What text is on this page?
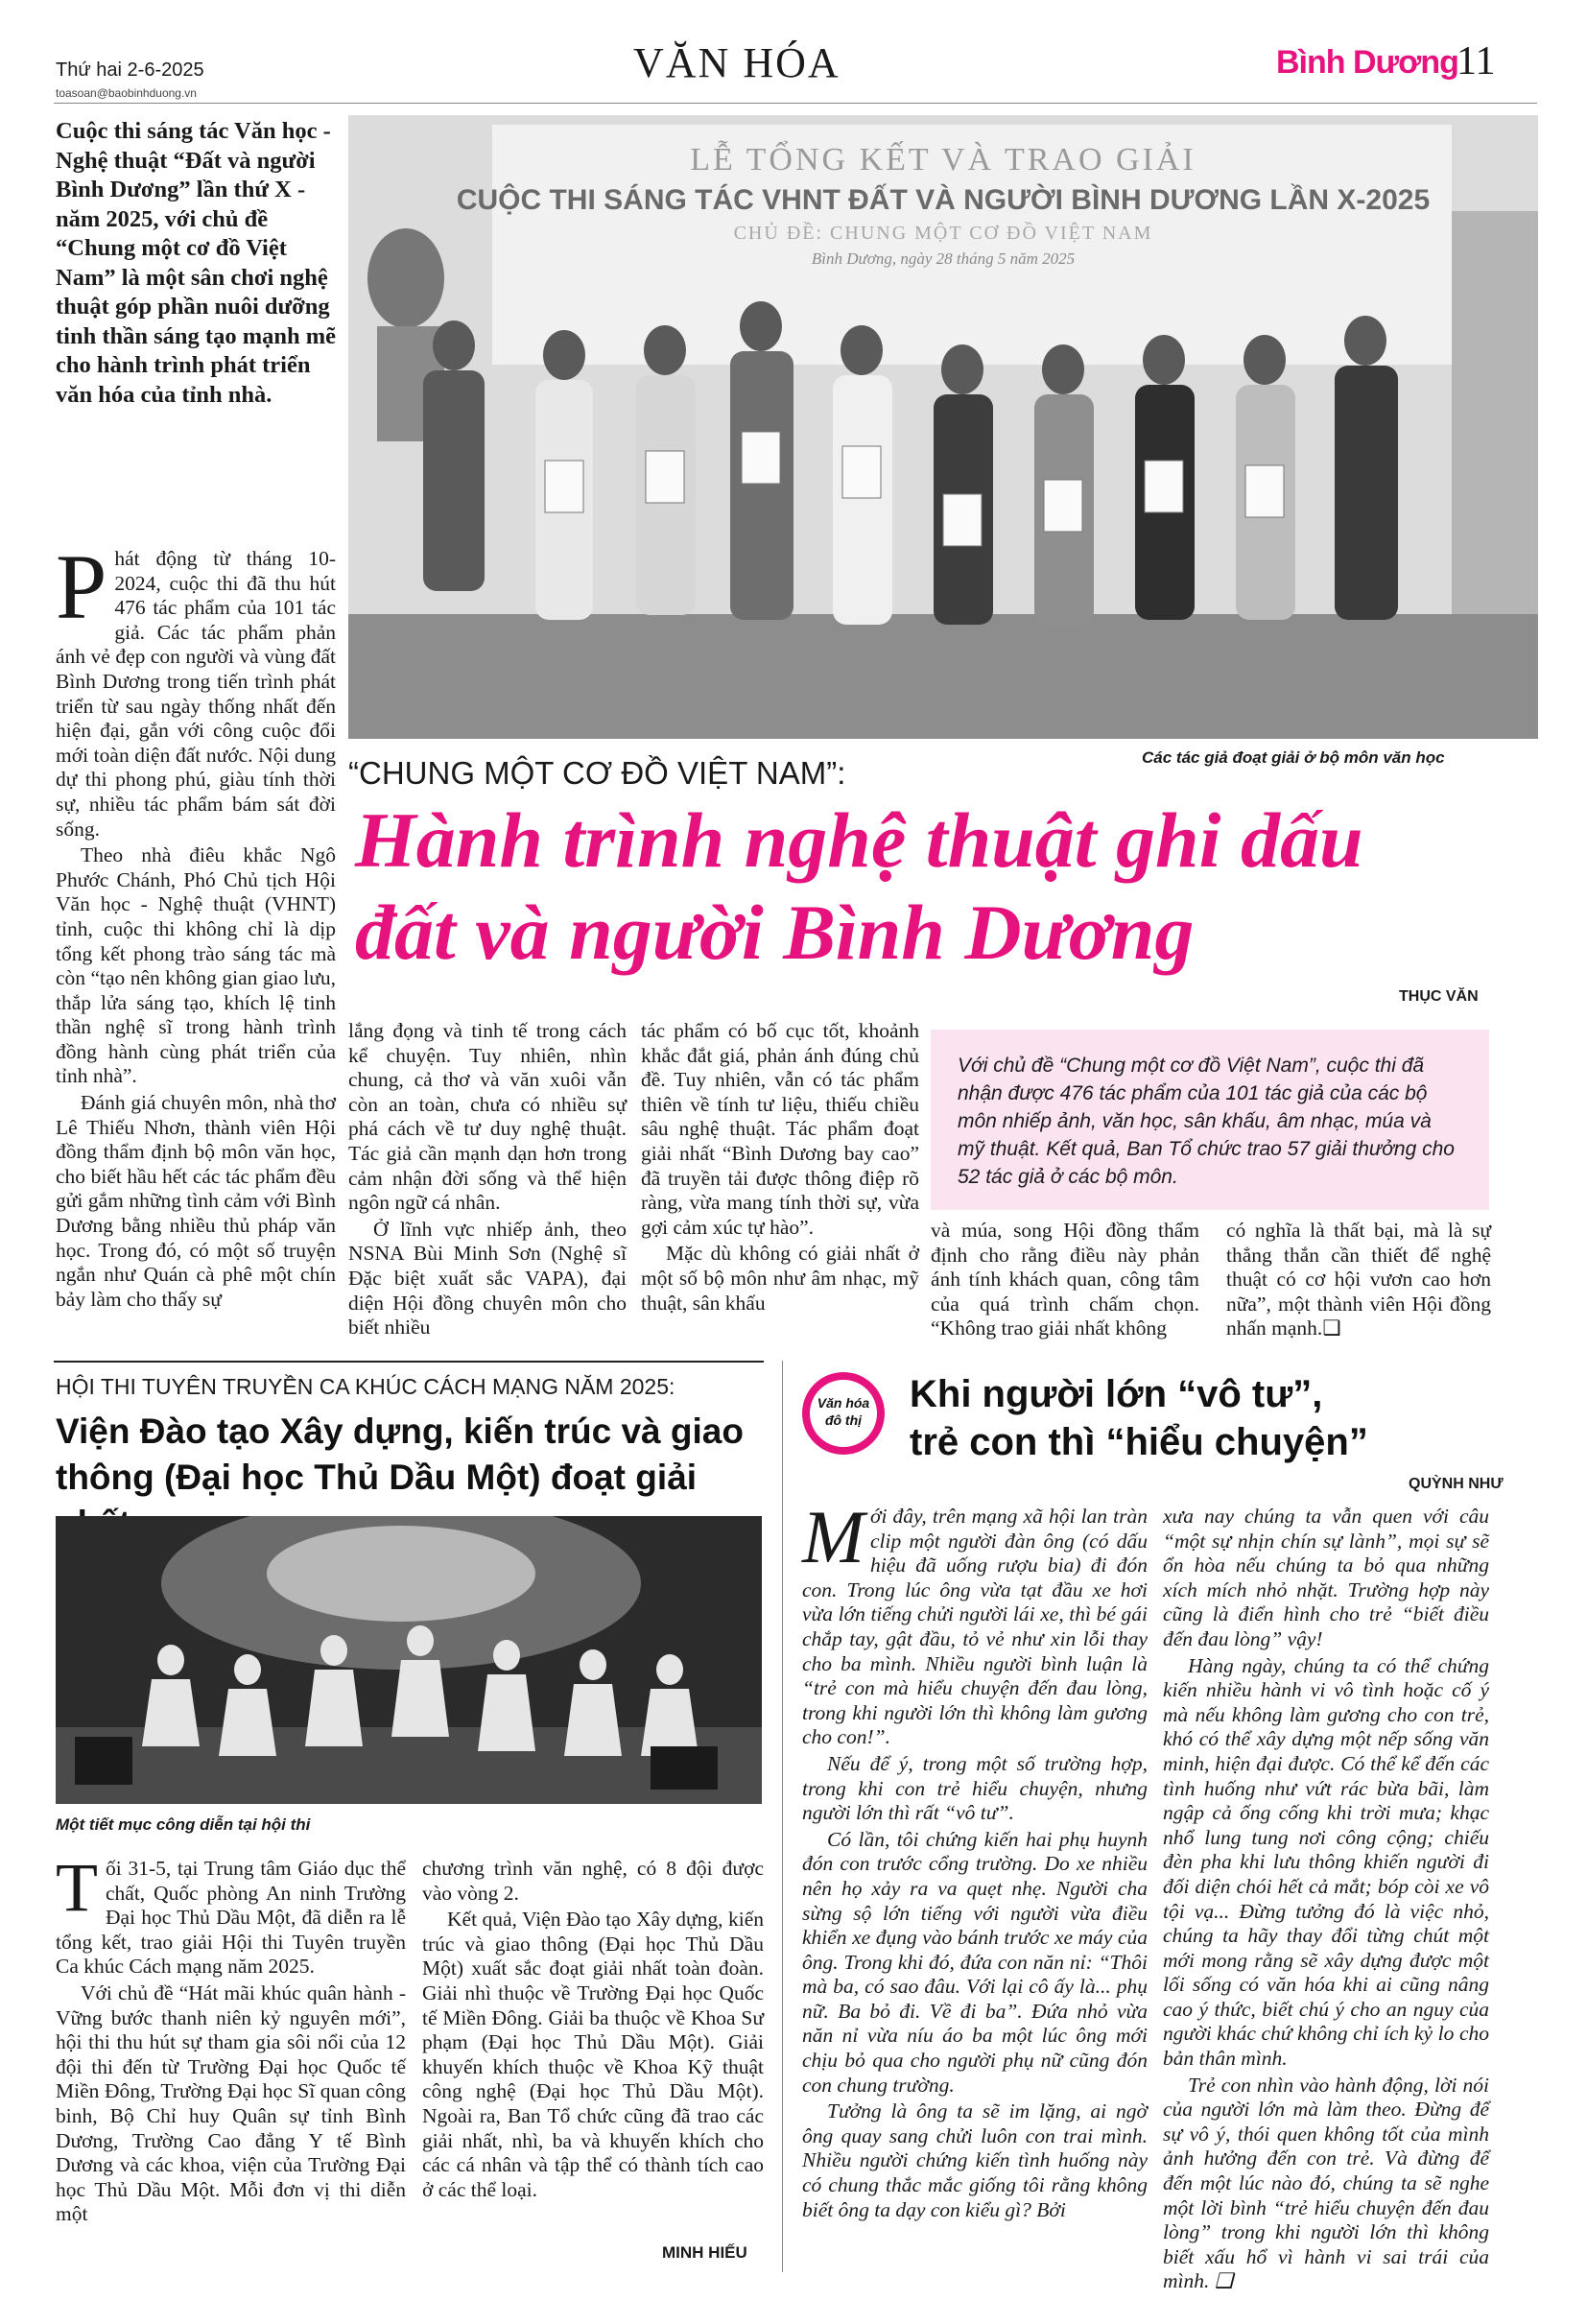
Thứ hai 2-6-2025
toasoan@baobinhduong.vn
VĂN HÓA	Bình Dương
11
Cuộc thi sáng tác Văn học - Nghệ thuật “Đất và người Bình Dương” lần thứ X - năm 2025, với chủ đề “Chung một cơ đồ Việt Nam” là một sân chơi nghệ thuật góp phần nuôi dưỡng tinh thần sáng tạo mạnh mẽ cho hành trình phát triển văn hóa của tỉnh nhà.
LỄ TỔNG KẾT VÀ TRAO GIẢI
CUỘC THI SÁNG TÁC VHNT ĐẤT VÀ NGƯỜI BÌNH DƯƠNG LẦN X-2025
CHỦ ĐỀ: CHUNG MỘT CƠ ĐỒ VIỆT NAM
Bình Dương, ngày 28 tháng 5 năm 2025
Các tác giả đoạt giải ở bộ môn văn học
“CHUNG MỘT CƠ ĐỒ VIỆT NAM”:
Hành trình nghệ thuật ghi dấu
đất và người Bình Dương
THỤC VĂN

Phát động từ tháng 10-2024, cuộc thi đã thu hút 476 tác phẩm của 101 tác giả. Các tác phẩm phản ánh vẻ đẹp con người và vùng đất Bình Dương trong tiến trình phát triển từ sau ngày thống nhất đến hiện đại, gắn với công cuộc đổi mới toàn diện đất nước. Nội dung dự thi phong phú, giàu tính thời sự, nhiều tác phẩm bám sát đời sống.

Theo nhà điêu khắc Ngô Phước Chánh, Phó Chủ tịch Hội Văn học - Nghệ thuật (VHNT) tỉnh, cuộc thi không chỉ là dịp tổng kết phong trào sáng tác mà còn “tạo nên không gian giao lưu, thắp lửa sáng tạo, khích lệ tinh thần nghệ sĩ trong hành trình đồng hành cùng phát triển của tỉnh nhà”.

Đánh giá chuyên môn, nhà thơ Lê Thiếu Nhơn, thành viên Hội đồng thẩm định bộ môn văn học, cho biết hầu hết các tác phẩm đều gửi gắm những tình cảm với Bình Dương bằng nhiều thủ pháp văn học. Trong đó, có một số truyện ngắn như Quán cà phê một chín bảy làm cho thấy sự

lắng đọng và tinh tế trong cách kể chuyện. Tuy nhiên, nhìn chung, cả thơ và văn xuôi vẫn còn an toàn, chưa có nhiều sự phá cách về tư duy nghệ thuật. Tác giả cần mạnh dạn hơn trong cảm nhận đời sống và thể hiện ngôn ngữ cá nhân.

Ở lĩnh vực nhiếp ảnh, theo NSNA Bùi Minh Sơn (Nghệ sĩ Đặc biệt xuất sắc VAPA), đại diện Hội đồng chuyên môn cho biết nhiều

tác phẩm có bố cục tốt, khoảnh khắc đắt giá, phản ánh đúng chủ đề. Tuy nhiên, vẫn có tác phẩm thiên về tính tư liệu, thiếu chiều sâu nghệ thuật. Tác phẩm đoạt giải nhất “Bình Dương bay cao” đã truyền tải được thông điệp rõ ràng, vừa mang tính thời sự, vừa gợi cảm xúc tự hào”.

Mặc dù không có giải nhất ở một số bộ môn như âm nhạc, mỹ thuật, sân khấu

Với chủ đề “Chung một cơ đồ Việt Nam”, cuộc thi đã nhận được 476 tác phẩm của 101 tác giả của các bộ môn nhiếp ảnh, văn học, sân khấu, âm nhạc, múa và mỹ thuật. Kết quả, Ban Tổ chức trao 57 giải thưởng cho 52 tác giả ở các bộ môn.

và múa, song Hội đồng thẩm định cho rằng điều này phản ánh tính khách quan, công tâm của quá trình chấm chọn. “Không trao giải nhất không

có nghĩa là thất bại, mà là sự thẳng thắn cần thiết để nghệ thuật có cơ hội vươn cao hơn nữa”, một thành viên Hội đồng nhấn mạnh.❑

HỘI THI TUYÊN TRUYỀN CA KHÚC CÁCH MẠNG NĂM 2025:
Viện Đào tạo Xây dựng, kiến trúc và giao
thông (Đại học Thủ Dầu Một) đoạt giải
Một tiết mục công diễn tại hội thi

Tối 31-5, tại Trung tâm Giáo dục thể chất, Quốc phòng An ninh Trường Đại học Thủ Dầu Một, đã diễn ra lễ tổng kết, trao giải Hội thi Tuyên truyền Ca khúc Cách mạng năm 2025.

Với chủ đề “Hát mãi khúc quân hành - Vững bước thanh niên kỷ nguyên mới”, hội thi thu hút sự tham gia sôi nổi của 12 đội thi đến từ Trường Đại học Quốc tế Miền Đông, Trường Đại học Sĩ quan công binh, Bộ Chỉ huy Quân sự tỉnh Bình Dương, Trường Cao đẳng Y tế Bình Dương và các khoa, viện của Trường Đại học Thủ Dầu Một. Mỗi đơn vị thi diễn một

chương trình văn nghệ, có 8 đội được vào vòng 2.

Kết quả, Viện Đào tạo Xây dựng, kiến trúc và giao thông (Đại học Thủ Dầu Một) xuất sắc đoạt giải nhất toàn đoàn. Giải nhì thuộc về Trường Đại học Quốc tế Miền Đông. Giải ba thuộc về Khoa Sư phạm (Đại học Thủ Dầu Một). Giải khuyến khích thuộc về Khoa Kỹ thuật công nghệ (Đại học Thủ Dầu Một). Ngoài ra, Ban Tổ chức cũng đã trao các giải nhất, nhì, ba và khuyến khích cho các cá nhân và tập thể có thành tích cao ở các thể loại.

MINH HIẾU
Văn hóa
đô thị
Khi người lớn “vô tư”,
trẻ con thì “hiểu chuyện”
QUỲNH NHƯ

Mới đây, trên mạng xã hội lan tràn clip một người đàn ông (có dấu hiệu đã uống rượu bia) đi đón con. Trong lúc ông vừa tạt đầu xe hơi vừa lớn tiếng chửi người lái xe, thì bé gái chắp tay, gật đầu, tỏ vẻ như xin lỗi thay cho ba mình. Nhiều người bình luận là “trẻ con mà hiểu chuyện đến đau lòng, trong khi người lớn thì không làm gương cho con!”.

Nếu để ý, trong một số trường hợp, trong khi con trẻ hiểu chuyện, nhưng người lớn thì rất “vô tư”.

Có lần, tôi chứng kiến hai phụ huynh đón con trước cổng trường. Do xe nhiều nên họ xảy ra va quẹt nhẹ. Người cha sừng sộ lớn tiếng với người vừa điều khiển xe đụng vào bánh trước xe máy của ông. Trong khi đó, đứa con năn nỉ: “Thôi mà ba, có sao đâu. Với lại cô ấy là... phụ nữ. Ba bỏ đi. Về đi ba”. Đứa nhỏ vừa năn nỉ vừa níu áo ba một lúc ông mới chịu bỏ qua cho người phụ nữ cũng đón con chung trường.

Tưởng là ông ta sẽ im lặng, ai ngờ ông quay sang chửi luôn con trai mình. Nhiều người chứng kiến tình huống này có chung thắc mắc giống tôi rằng không biết ông ta dạy con kiểu gì? Bởi

xưa nay chúng ta vẫn quen với câu “một sự nhịn chín sự lành”, mọi sự sẽ ổn hòa nếu chúng ta bỏ qua những xích mích nhỏ nhặt. Trường hợp này cũng là điển hình cho trẻ “biết điều đến đau lòng” vậy!

Hàng ngày, chúng ta có thể chứng kiến nhiều hành vi vô tình hoặc cố ý mà nếu không làm gương cho con trẻ, khó có thể xây dựng một nếp sống văn minh, hiện đại được. Có thể kể đến các tình huống như vứt rác bừa bãi, làm ngập cả ống cống khi trời mưa; khạc nhổ lung tung nơi công cộng; chiếu đèn pha khi lưu thông khiến người đi đối diện chói hết cả mắt; bóp còi xe vô tội vạ... Đừng tưởng đó là việc nhỏ, chúng ta hãy thay đổi từng chút một mới mong rằng sẽ xây dựng được một lối sống có văn hóa khi ai cũng nâng cao ý thức, biết chú ý cho an nguy của người khác chứ không chỉ ích kỷ lo cho bản thân mình.

Trẻ con nhìn vào hành động, lời nói của người lớn mà làm theo. Đừng để sự vô ý, thói quen không tốt của mình ảnh hưởng đến con trẻ. Và đừng để đến một lúc nào đó, chúng ta sẽ nghe một lời bình “trẻ hiểu chuyện đến đau lòng” trong khi người lớn thì không biết xấu hổ vì hành vi sai trái của mình. ❑
